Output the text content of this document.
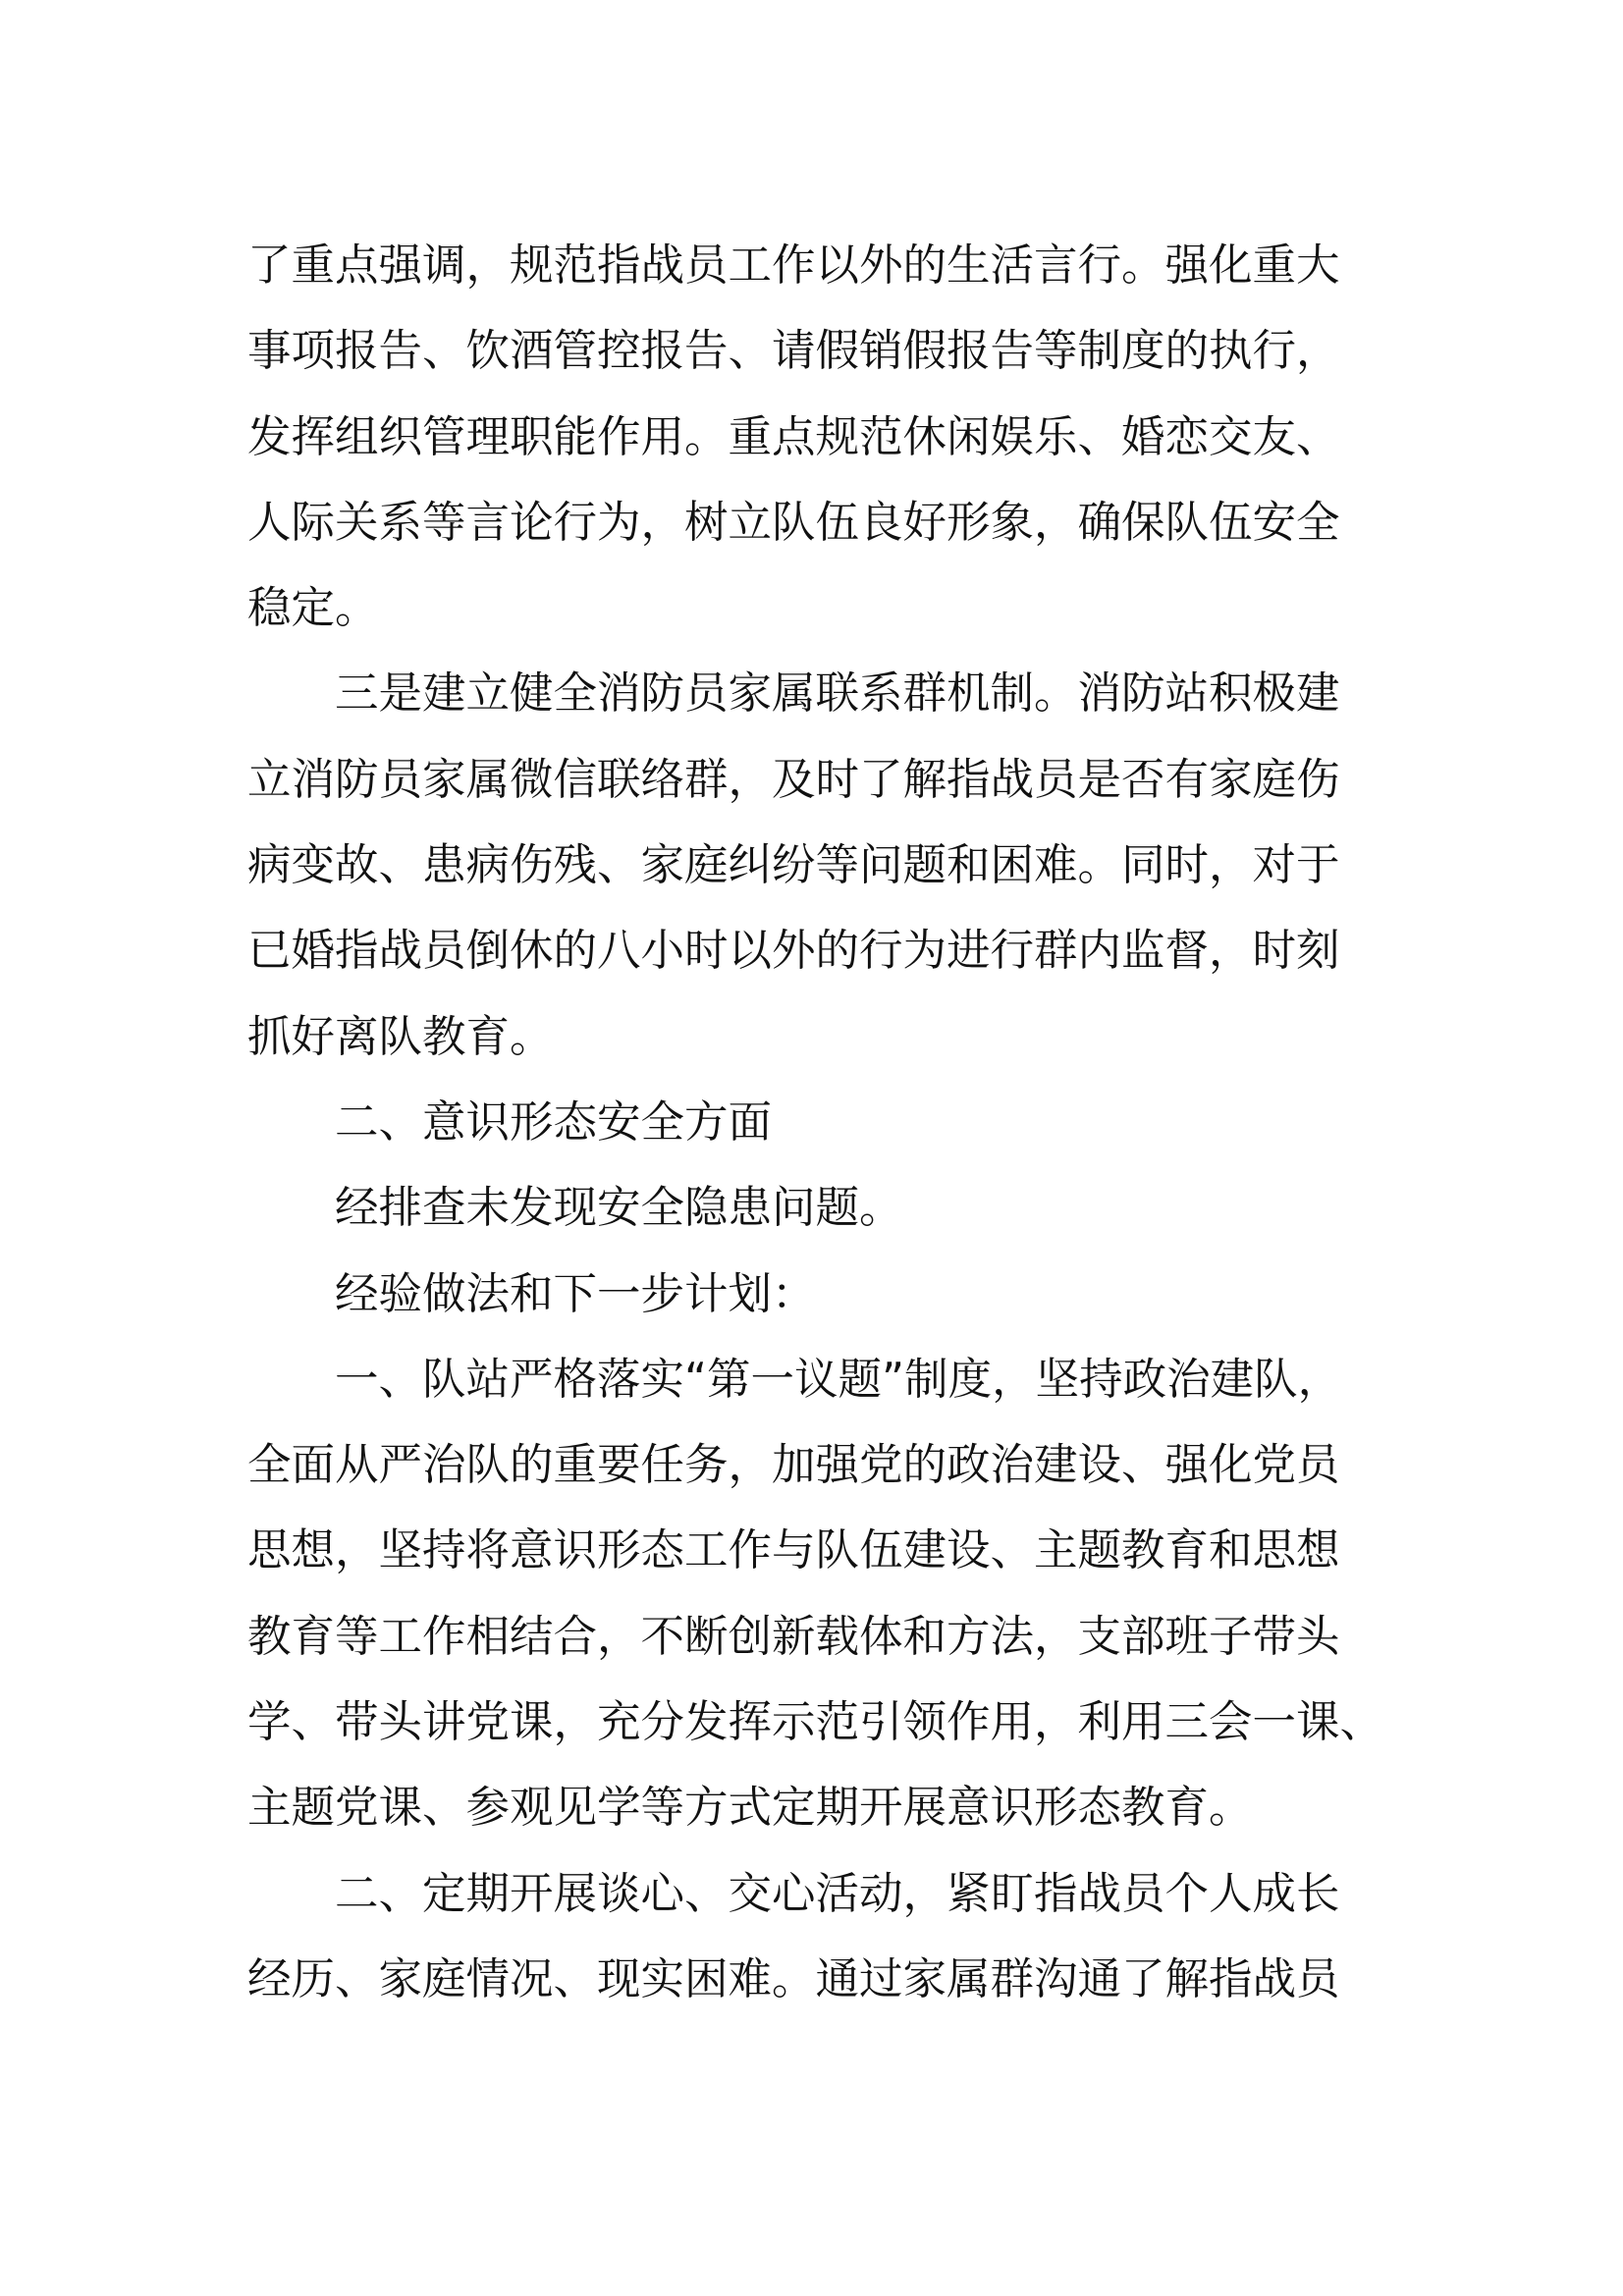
了重点强调，规范指战员工作以外的生活言行。强化重大
事项报告、饮酒管控报告、请假销假报告等制度的执行，
发挥组织管理职能作用。重点规范休闲娱乐、婚恋交友、
人际关系等言论行为，树立队伍良好形象，确保队伍安全
稳定。
三是建立健全消防员家属联系群机制。消防站积极建
立消防员家属微信联络群，及时了解指战员是否有家庭伤
病变故、患病伤残、家庭纠纷等问题和困难。同时，对于
已婚指战员倒休的八小时以外的行为进行群内监督，时刻
抓好离队教育。
二、意识形态安全方面
经排查未发现安全隐患问题。
经验做法和下一步计划：
一、队站严格落实“第一议题”制度，坚持政治建队，
全面从严治队的重要任务，加强党的政治建设、强化党员
思想，坚持将意识形态工作与队伍建设、主题教育和思想
教育等工作相结合，不断创新载体和方法，支部班子带头
学、带头讲党课，充分发挥示范引领作用，利用三会一课、
主题党课、参观见学等方式定期开展意识形态教育。
二、定期开展谈心、交心活动，紧盯指战员个人成长
经历、家庭情况、现实困难。通过家属群沟通了解指战员
